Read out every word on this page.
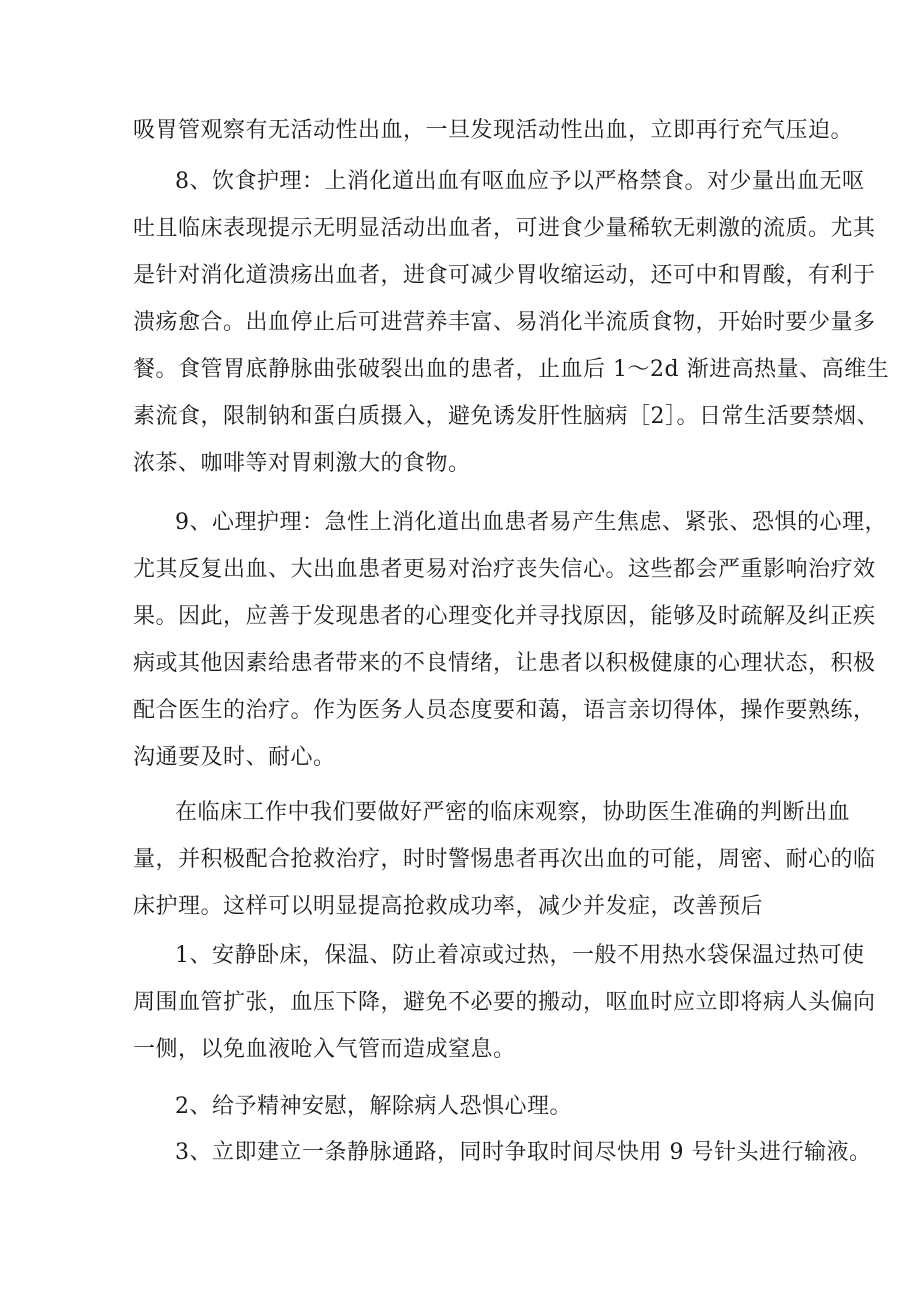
吸胃管观察有无活动性出血，一旦发现活动性出血，立即再行充气压迫。

8、饮食护理：上消化道出血有呕血应予以严格禁食。对少量出血无呕

吐且临床表现提示无明显活动出血者，可进食少量稀软无刺激的流质。尤其

是针对消化道溃疡出血者，进食可减少胃收缩运动，还可中和胃酸，有利于

溃疡愈合。出血停止后可进营养丰富、易消化半流质食物，开始时要少量多

餐。食管胃底静脉曲张破裂出血的患者，止血后 1～2d 渐进高热量、高维生

素流食，限制钠和蛋白质摄入，避免诱发肝性脑病［2］。日常生活要禁烟、

浓茶、咖啡等对胃刺激大的食物。

9、心理护理：急性上消化道出血患者易产生焦虑、紧张、恐惧的心理，

尤其反复出血、大出血患者更易对治疗丧失信心。这些都会严重影响治疗效

果。因此，应善于发现患者的心理变化并寻找原因，能够及时疏解及纠正疾

病或其他因素给患者带来的不良情绪，让患者以积极健康的心理状态，积极

配合医生的治疗。作为医务人员态度要和蔼，语言亲切得体，操作要熟练，

沟通要及时、耐心。

在临床工作中我们要做好严密的临床观察，协助医生准确的判断出血

量，并积极配合抢救治疗，时时警惕患者再次出血的可能，周密、耐心的临

床护理。这样可以明显提高抢救成功率，减少并发症，改善预后

1、安静卧床，保温、防止着凉或过热，一般不用热水袋保温过热可使

周围血管扩张，血压下降，避免不必要的搬动，呕血时应立即将病人头偏向

一侧，以免血液呛入气管而造成窒息。

2、给予精神安慰，解除病人恐惧心理。

3、立即建立一条静脉通路，同时争取时间尽快用 9 号针头进行输液。
